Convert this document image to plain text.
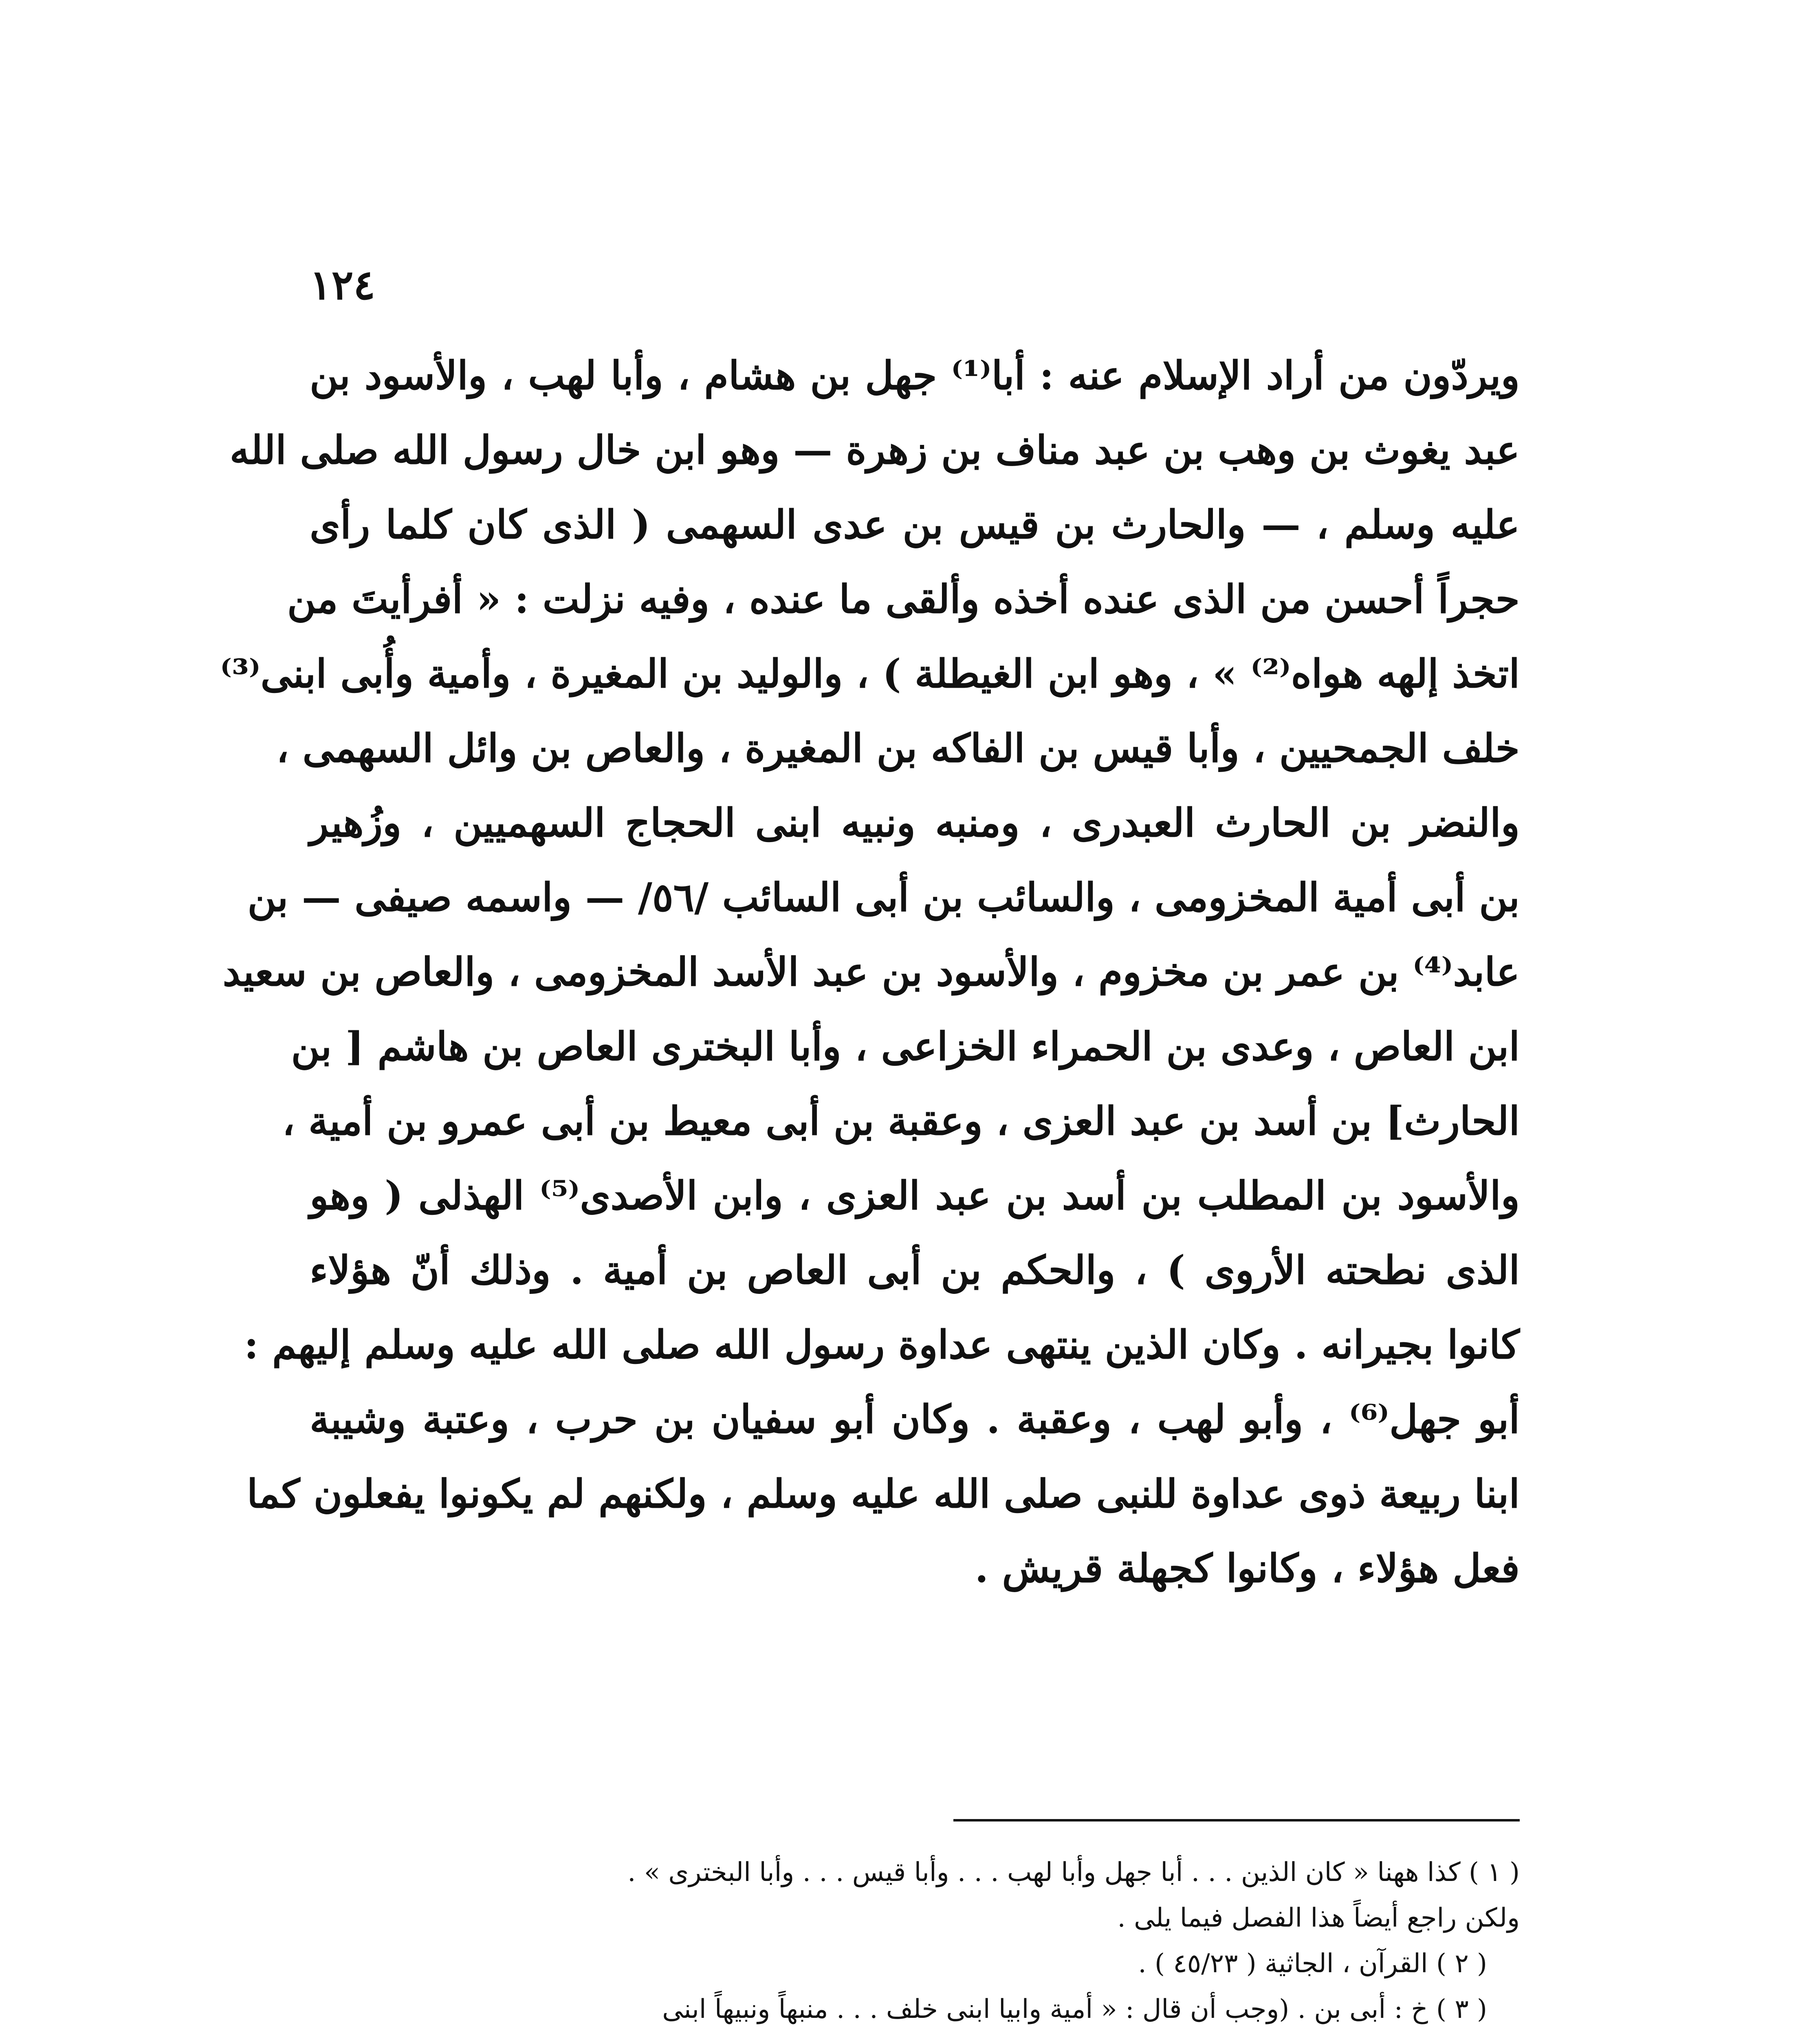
١٢٤
ويردّون من أراد الإسلام عنه : أبا⁽¹⁾ جهل بن هشام ، وأبا لهب ، والأسود بن
عبد يغوث بن وهب بن عبد مناف بن زهرة — وهو ابن خال رسول الله صلى الله
عليه وسلم ، — والحارث بن قيس بن عدى السهمى ( الذى كان كلما رأى
حجراً أحسن من الذى عنده أخذه وألقى ما عنده ، وفيه نزلت : « أفرأيتَ من
اتخذ إلهه هواه⁽²⁾ » ، وهو ابن الغيطلة ) ، والوليد بن المغيرة ، وأمية وأُبى ابنى⁽³⁾
خلف الجمحيين ، وأبا قيس بن الفاكه بن المغيرة ، والعاص بن وائل السهمى ،
والنضر بن الحارث العبدرى ، ومنبه ونبيه ابنى الحجاج السهميين ، وزُهير
بن أبى أمية المخزومى ، والسائب بن أبى السائب /٥٦/ — واسمه صيفى — بن
عابد⁽⁴⁾ بن عمر بن مخزوم ، والأسود بن عبد الأسد المخزومى ، والعاص بن سعيد
ابن العاص ، وعدى بن الحمراء الخزاعى ، وأبا البخترى العاص بن هاشم [ بن
الحارث] بن أسد بن عبد العزى ، وعقبة بن أبى معيط بن أبى عمرو بن أمية ،
والأسود بن المطلب بن أسد بن عبد العزى ، وابن الأصدى⁽⁵⁾ الهذلى ( وهو
الذى نطحته الأروى ) ، والحكم بن أبى العاص بن أمية . وذلك أنّ هؤلاء
كانوا بجيرانه . وكان الذين ينتهى عداوة رسول الله صلى الله عليه وسلم إليهم :
أبو جهل⁽⁶⁾ ، وأبو لهب ، وعقبة . وكان أبو سفيان بن حرب ، وعتبة وشيبة
ابنا ربيعة ذوى عداوة للنبى صلى الله عليه وسلم ، ولكنهم لم يكونوا يفعلون كما
فعل هؤلاء ، وكانوا كجهلة قريش .
( ١ ) كذا ههنا « كان الذين . . . أبا جهل وأبا لهب . . . وأبا قيس . . . وأبا البخترى » .
ولكن راجع أيضاً هذا الفصل فيما يلى .
( ٢ ) القرآن ، الجاثية ( ٤٥/٢٣ ) .
( ٣ ) خ : أبى بن . (وجب أن قال : « أمية وابيا ابنى خلف . . . منبهاً ونبيهاً ابنى
